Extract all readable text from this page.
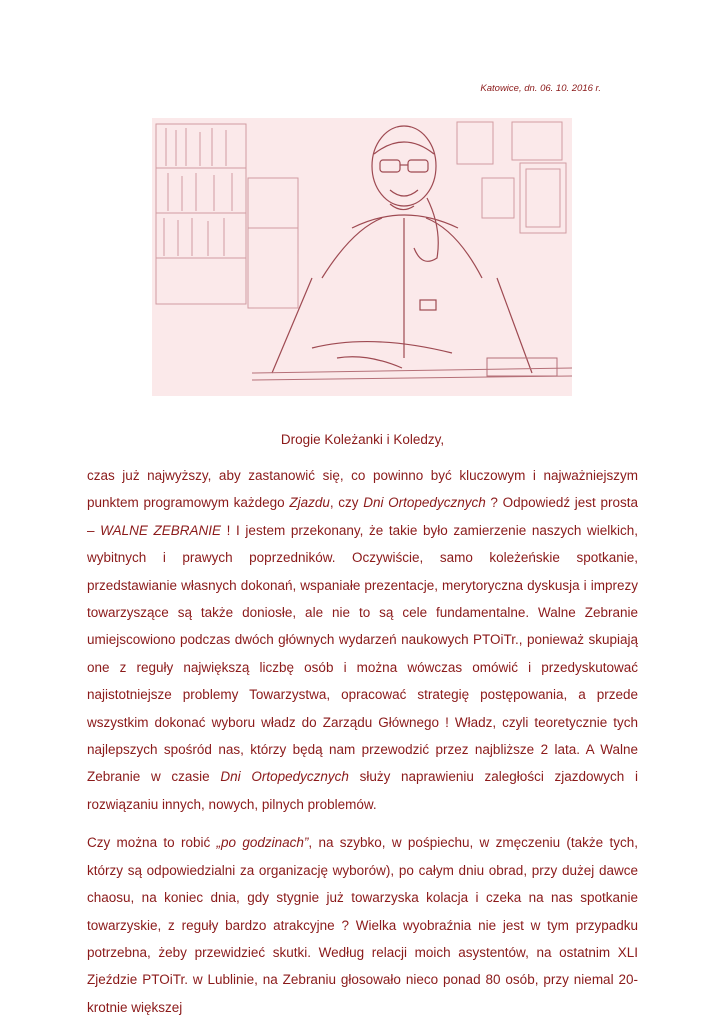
Katowice, dn. 06. 10. 2016 r.
Drogie Koleżanki i Koledzy,

czas już najwyższy, aby zastanowić się, co powinno być kluczowym i najważniejszym punktem programowym każdego Zjazdu, czy Dni Ortopedycznych ? Odpowiedź jest prosta – WALNE ZEBRANIE ! I jestem przekonany, że takie było zamierzenie naszych wielkich, wybitnych i prawych poprzedników. Oczywiście, samo koleżeńskie spotkanie, przedstawianie własnych dokonań, wspaniałe prezentacje, merytoryczna dyskusja i imprezy towarzyszące są także doniosłe, ale nie to są cele fundamentalne. Walne Zebranie umiejscowiono podczas dwóch głównych wydarzeń naukowych PTOiTr., ponieważ skupiają one z reguły największą liczbę osób i można wówczas omówić i przedyskutować najistotniejsze problemy Towarzystwa, opracować strategię postępowania, a przede wszystkim dokonać wyboru władz do Zarządu Głównego ! Władz, czyli teoretycznie tych najlepszych spośród nas, którzy będą nam przewodzić przez najbliższe 2 lata. A Walne Zebranie w czasie Dni Ortopedycznych służy naprawieniu zaległości zjazdowych i rozwiązaniu innych, nowych, pilnych problemów.

Czy można to robić „po godzinach”, na szybko, w pośpiechu, w zmęczeniu (także tych, którzy są odpowiedzialni za organizację wyborów), po całym dniu obrad, przy dużej dawce chaosu, na koniec dnia, gdy stygnie już towarzyska kolacja i czeka na nas spotkanie towarzyskie, z reguły bardzo atrakcyjne ? Wielka wyobraźnia nie jest w tym przypadku potrzebna, żeby przewidzieć skutki. Według relacji moich asystentów, na ostatnim XLI Zjeździe PTOiTr. w Lublinie, na Zebraniu głosowało nieco ponad 80 osób, przy niemal 20-krotnie większej
